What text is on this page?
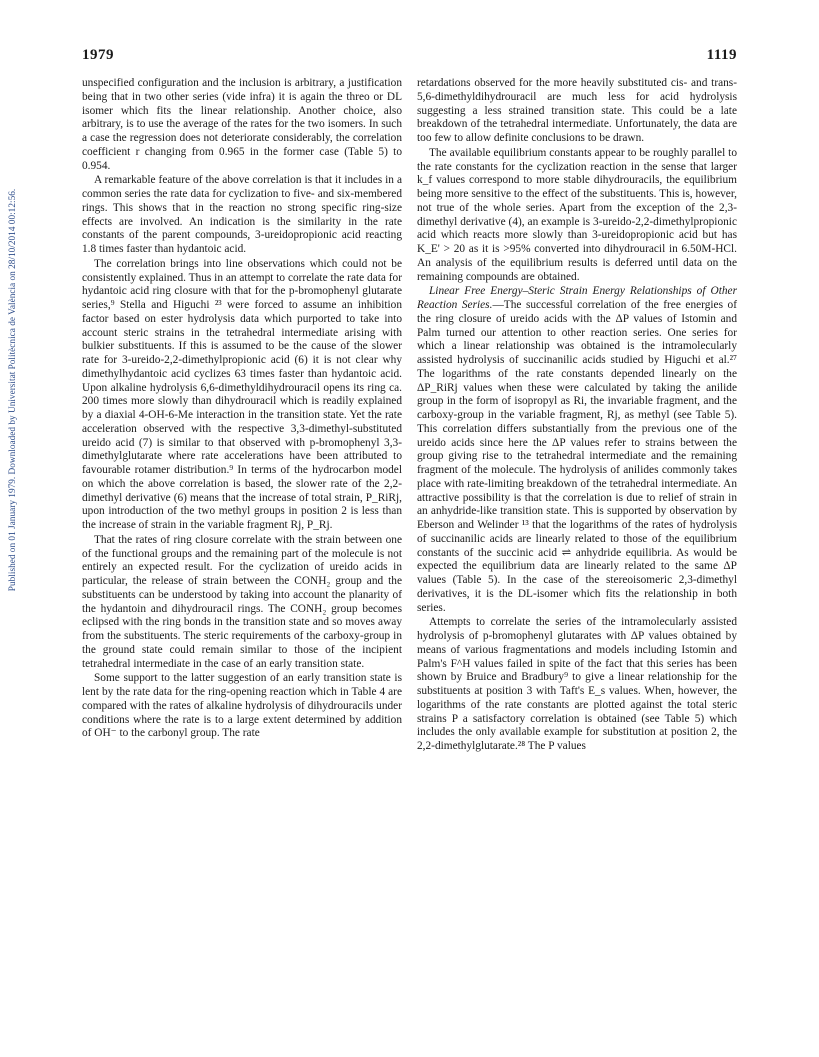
1979	1119
Published on 01 January 1979. Downloaded by Universitat Politècnica de València on 28/10/2014 00:12:56.

unspecified configuration and the inclusion is arbitrary, a justification being that in two other series (vide infra) it is again the threo or DL isomer which fits the linear relationship. Another choice, also arbitrary, is to use the average of the rates for the two isomers. In such a case the regression does not deteriorate considerably, the correlation coefficient r changing from 0.965 in the former case (Table 5) to 0.954.

A remarkable feature of the above correlation is that it includes in a common series the rate data for cyclization to five- and six-membered rings. This shows that in the reaction no strong specific ring-size effects are involved. An indication is the similarity in the rate constants of the parent compounds, 3-ureidopropionic acid reacting 1.8 times faster than hydantoic acid.

The correlation brings into line observations which could not be consistently explained. Thus in an attempt to correlate the rate data for hydantoic acid ring closure with that for the p-bromophenyl glutarate series,⁹ Stella and Higuchi ²³ were forced to assume an inhibition factor based on ester hydrolysis data which purported to take into account steric strains in the tetrahedral intermediate arising with bulkier substituents. If this is assumed to be the cause of the slower rate for 3-ureido-2,2-dimethylpropionic acid (6) it is not clear why dimethylhydantoic acid cyclizes 63 times faster than hydantoic acid. Upon alkaline hydrolysis 6,6-dimethyldihydrouracil opens its ring ca. 200 times more slowly than dihydrouracil which is readily explained by a diaxial 4-OH-6-Me interaction in the transition state. Yet the rate acceleration observed with the respective 3,3-dimethyl-substituted ureido acid (7) is similar to that observed with p-bromophenyl 3,3-dimethylglutarate where rate accelerations have been attributed to favourable rotamer distribution.⁹ In terms of the hydrocarbon model on which the above correlation is based, the slower rate of the 2,2-dimethyl derivative (6) means that the increase of total strain, P_RiRj, upon introduction of the two methyl groups in position 2 is less than the increase of strain in the variable fragment Rj, P_Rj.

That the rates of ring closure correlate with the strain between one of the functional groups and the remaining part of the molecule is not entirely an expected result. For the cyclization of ureido acids in particular, the release of strain between the CONH₂ group and the substituents can be understood by taking into account the planarity of the hydantoin and dihydrouracil rings. The CONH₂ group becomes eclipsed with the ring bonds in the transition state and so moves away from the substituents. The steric requirements of the carboxy-group in the ground state could remain similar to those of the incipient tetrahedral intermediate in the case of an early transition state.

Some support to the latter suggestion of an early transition state is lent by the rate data for the ring-opening reaction which in Table 4 are compared with the rates of alkaline hydrolysis of dihydrouracils under conditions where the rate is to a large extent determined by addition of OH⁻ to the carbonyl group. The rate

retardations observed for the more heavily substituted cis- and trans-5,6-dimethyldihydrouracil are much less for acid hydrolysis suggesting a less strained transition state. This could be a late breakdown of the tetrahedral intermediate. Unfortunately, the data are too few to allow definite conclusions to be drawn.

The available equilibrium constants appear to be roughly parallel to the rate constants for the cyclization reaction in the sense that larger k_f values correspond to more stable dihydrouracils, the equilibrium being more sensitive to the effect of the substituents. This is, however, not true of the whole series. Apart from the exception of the 2,3-dimethyl derivative (4), an example is 3-ureido-2,2-dimethylpropionic acid which reacts more slowly than 3-ureidopropionic acid but has K_E' > 20 as it is >95% converted into dihydrouracil in 6.50M-HCl. An analysis of the equilibrium results is deferred until data on the remaining compounds are obtained.

Linear Free Energy–Steric Strain Energy Relationships of Other Reaction Series.—The successful correlation of the free energies of the ring closure of ureido acids with the ΔP values of Istomin and Palm turned our attention to other reaction series. One series for which a linear relationship was obtained is the intramolecularly assisted hydrolysis of succinanilic acids studied by Higuchi et al.²⁷ The logarithms of the rate constants depended linearly on the ΔP_RiRj values when these were calculated by taking the anilide group in the form of isopropyl as Ri, the invariable fragment, and the carboxy-group in the variable fragment, Rj, as methyl (see Table 5). This correlation differs substantially from the previous one of the ureido acids since here the ΔP values refer to strains between the group giving rise to the tetrahedral intermediate and the remaining fragment of the molecule. The hydrolysis of anilides commonly takes place with rate-limiting breakdown of the tetrahedral intermediate. An attractive possibility is that the correlation is due to relief of strain in an anhydride-like transition state. This is supported by observation by Eberson and Welinder ¹³ that the logarithms of the rates of hydrolysis of succinanilic acids are linearly related to those of the equilibrium constants of the succinic acid ⇌ anhydride equilibria. As would be expected the equilibrium data are linearly related to the same ΔP values (Table 5). In the case of the stereoisomeric 2,3-dimethyl derivatives, it is the DL-isomer which fits the relationship in both series.

Attempts to correlate the series of the intramolecularly assisted hydrolysis of p-bromophenyl glutarates with ΔP values obtained by means of various fragmentations and models including Istomin and Palm's F^H values failed in spite of the fact that this series has been shown by Bruice and Bradbury⁹ to give a linear relationship for the substituents at position 3 with Taft's E_s values. When, however, the logarithms of the rate constants are plotted against the total steric strains P a satisfactory correlation is obtained (see Table 5) which includes the only available example for substitution at position 2, the 2,2-dimethylglutarate.²⁸ The P values
